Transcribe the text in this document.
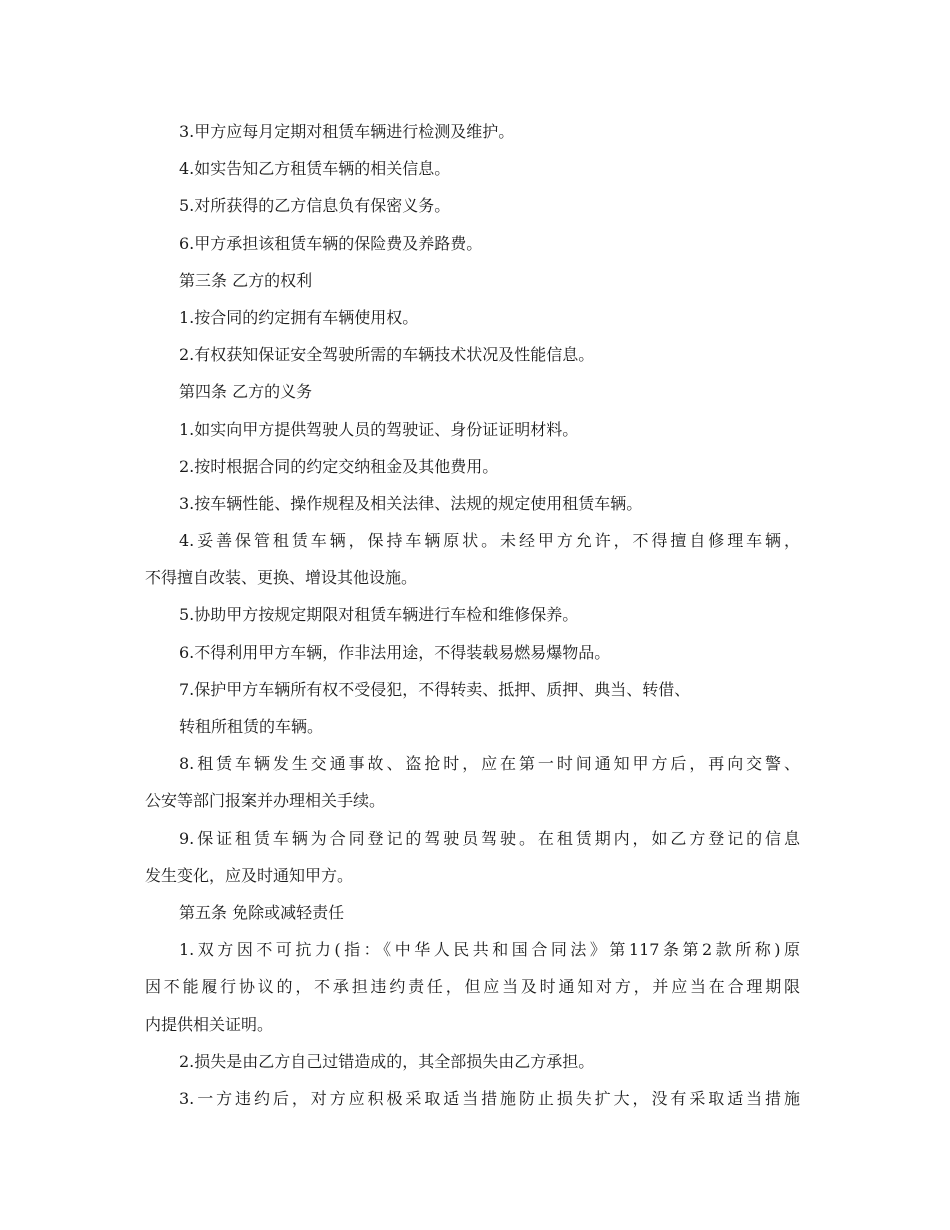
3.甲方应每月定期对租赁车辆进行检测及维护。
4.如实告知乙方租赁车辆的相关信息。
5.对所获得的乙方信息负有保密义务。
6.甲方承担该租赁车辆的保险费及养路费。
第三条 乙方的权利
1.按合同的约定拥有车辆使用权。
2.有权获知保证安全驾驶所需的车辆技术状况及性能信息。
第四条 乙方的义务
1.如实向甲方提供驾驶人员的驾驶证、身份证证明材料。
2.按时根据合同的约定交纳租金及其他费用。
3.按车辆性能、操作规程及相关法律、法规的规定使用租赁车辆。
4.妥善保管租赁车辆，保持车辆原状。未经甲方允许，不得擅自修理车辆，
不得擅自改装、更换、增设其他设施。
5.协助甲方按规定期限对租赁车辆进行车检和维修保养。
6.不得利用甲方车辆，作非法用途，不得装载易燃易爆物品。
7.保护甲方车辆所有权不受侵犯，不得转卖、抵押、质押、典当、转借、
转租所租赁的车辆。
8.租赁车辆发生交通事故、盗抢时，应在第一时间通知甲方后，再向交警、
公安等部门报案并办理相关手续。
9.保证租赁车辆为合同登记的驾驶员驾驶。在租赁期内，如乙方登记的信息
发生变化，应及时通知甲方。
第五条 免除或减轻责任
1.双方因不可抗力(指：《中华人民共和国合同法》第117条第2款所称)原
因不能履行协议的，不承担违约责任，但应当及时通知对方，并应当在合理期限
内提供相关证明。
2.损失是由乙方自己过错造成的，其全部损失由乙方承担。
3.一方违约后，对方应积极采取适当措施防止损失扩大，没有采取适当措施
